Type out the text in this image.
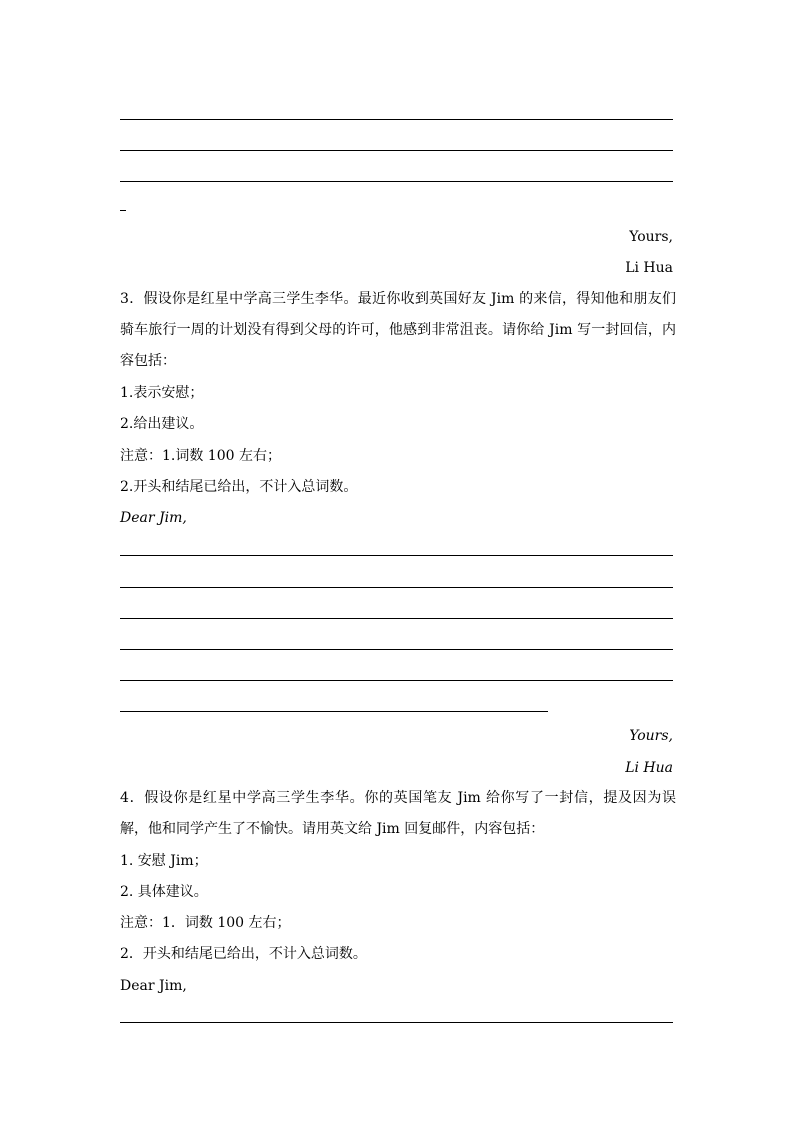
Yours,
Li Hua
3．假设你是红星中学高三学生李华。最近你收到英国好友 Jim 的来信，得知他和朋友们骑车旅行一周的计划没有得到父母的许可，他感到非常沮丧。请你给 Jim 写一封回信，内容包括：
1.表示安慰；
2.给出建议。
注意：1.词数 100 左右；
2.开头和结尾已给出，不计入总词数。
Dear Jim,
Yours,
Li Hua
4．假设你是红星中学高三学生李华。你的英国笔友 Jim 给你写了一封信，提及因为误解，他和同学产生了不愉快。请用英文给 Jim 回复邮件，内容包括：
1. 安慰 Jim；
2. 具体建议。
注意：1．词数 100 左右；
2．开头和结尾已给出，不计入总词数。
Dear Jim,
